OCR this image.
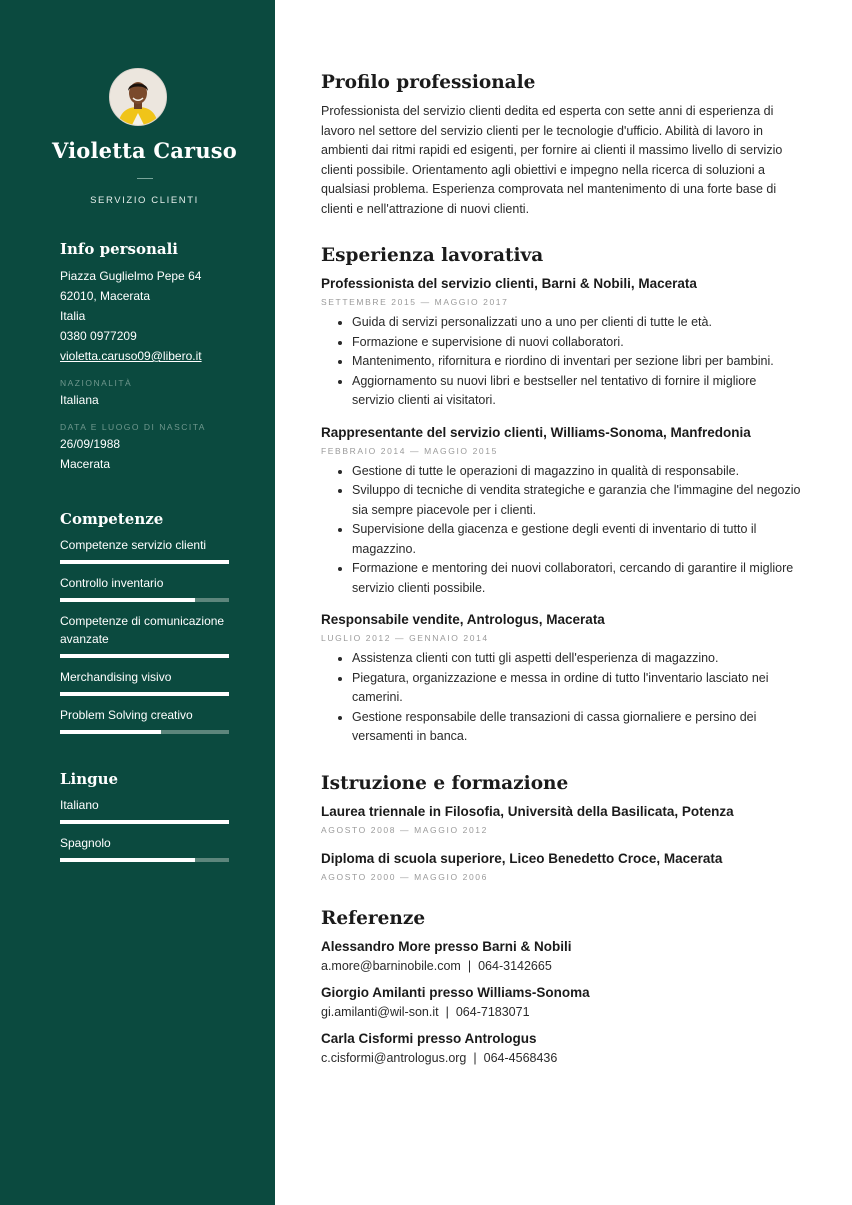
Violetta Caruso
SERVIZIO CLIENTI
Info personali
Piazza Guglielmo Pepe 64
62010, Macerata
Italia
0380 0977209
violetta.caruso09@libero.it
NAZIONALITÀ
Italiana
DATA E LUOGO DI NASCITA
26/09/1988
Macerata
Competenze
Competenze servizio clienti
Controllo inventario
Competenze di comunicazione avanzate
Merchandising visivo
Problem Solving creativo
Lingue
Italiano
Spagnolo
Profilo professionale
Professionista del servizio clienti dedita ed esperta con sette anni di esperienza di lavoro nel settore del servizio clienti per le tecnologie d'ufficio. Abilità di lavoro in ambienti dai ritmi rapidi ed esigenti, per fornire ai clienti il massimo livello di servizio clienti possibile. Orientamento agli obiettivi e impegno nella ricerca di soluzioni a qualsiasi problema. Esperienza comprovata nel mantenimento di una forte base di clienti e nell'attrazione di nuovi clienti.
Esperienza lavorativa
Professionista del servizio clienti, Barni & Nobili, Macerata
SETTEMBRE 2015 — MAGGIO 2017
• Guida di servizi personalizzati uno a uno per clienti di tutte le età.
• Formazione e supervisione di nuovi collaboratori.
• Mantenimento, rifornitura e riordino di inventari per sezione libri per bambini.
• Aggiornamento su nuovi libri e bestseller nel tentativo di fornire il migliore servizio clienti ai visitatori.
Rappresentante del servizio clienti, Williams-Sonoma, Manfredonia
FEBBRAIO 2014 — MAGGIO 2015
• Gestione di tutte le operazioni di magazzino in qualità di responsabile.
• Sviluppo di tecniche di vendita strategiche e garanzia che l'immagine del negozio sia sempre piacevole per i clienti.
• Supervisione della giacenza e gestione degli eventi di inventario di tutto il magazzino.
• Formazione e mentoring dei nuovi collaboratori, cercando di garantire il migliore servizio clienti possibile.
Responsabile vendite, Antrologus, Macerata
LUGLIO 2012 — GENNAIO 2014
• Assistenza clienti con tutti gli aspetti dell'esperienza di magazzino.
• Piegatura, organizzazione e messa in ordine di tutto l'inventario lasciato nei camerini.
• Gestione responsabile delle transazioni di cassa giornaliere e persino dei versamenti in banca.
Istruzione e formazione
Laurea triennale in Filosofia, Università della Basilicata, Potenza
AGOSTO 2008 — MAGGIO 2012
Diploma di scuola superiore, Liceo Benedetto Croce, Macerata
AGOSTO 2000 — MAGGIO 2006
Referenze
Alessandro More presso Barni & Nobili
a.more@barninobile.com | 064-3142665
Giorgio Amilanti presso Williams-Sonoma
gi.amilanti@wil-son.it | 064-7183071
Carla Cisformi presso Antrologus
c.cisformi@antrologus.org | 064-4568436
